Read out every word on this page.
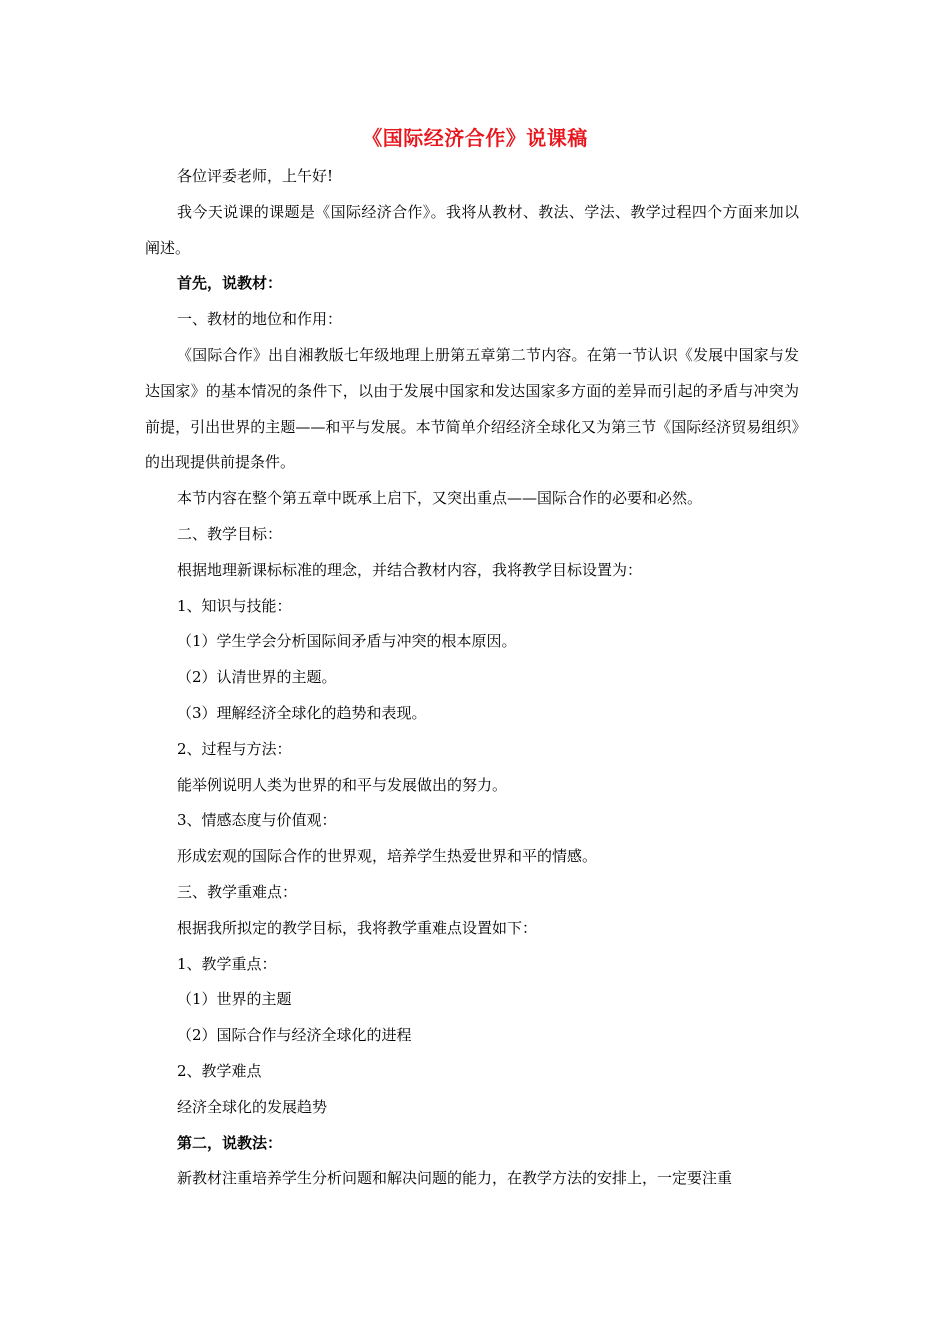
《国际经济合作》说课稿

各位评委老师，上午好!

我今天说课的课题是《国际经济合作》。我将从教材、教法、学法、教学过程四个方面来加以阐述。

首先，说教材：

一、教材的地位和作用：

《国际合作》出自湘教版七年级地理上册第五章第二节内容。在第一节认识《发展中国家与发达国家》的基本情况的条件下，以由于发展中国家和发达国家多方面的差异而引起的矛盾与冲突为前提，引出世界的主题——和平与发展。本节简单介绍经济全球化又为第三节《国际经济贸易组织》的出现提供前提条件。

本节内容在整个第五章中既承上启下，又突出重点——国际合作的必要和必然。

二、教学目标：

根据地理新课标标准的理念，并结合教材内容，我将教学目标设置为：

1、知识与技能：

（1）学生学会分析国际间矛盾与冲突的根本原因。

（2）认清世界的主题。

（3）理解经济全球化的趋势和表现。

2、过程与方法：

能举例说明人类为世界的和平与发展做出的努力。

3、情感态度与价值观：

形成宏观的国际合作的世界观，培养学生热爱世界和平的情感。

三、教学重难点：

根据我所拟定的教学目标，我将教学重难点设置如下：

1、教学重点：

（1）世界的主题

（2）国际合作与经济全球化的进程

2、教学难点

经济全球化的发展趋势

第二，说教法：

新教材注重培养学生分析问题和解决问题的能力，在教学方法的安排上，一定要注重
